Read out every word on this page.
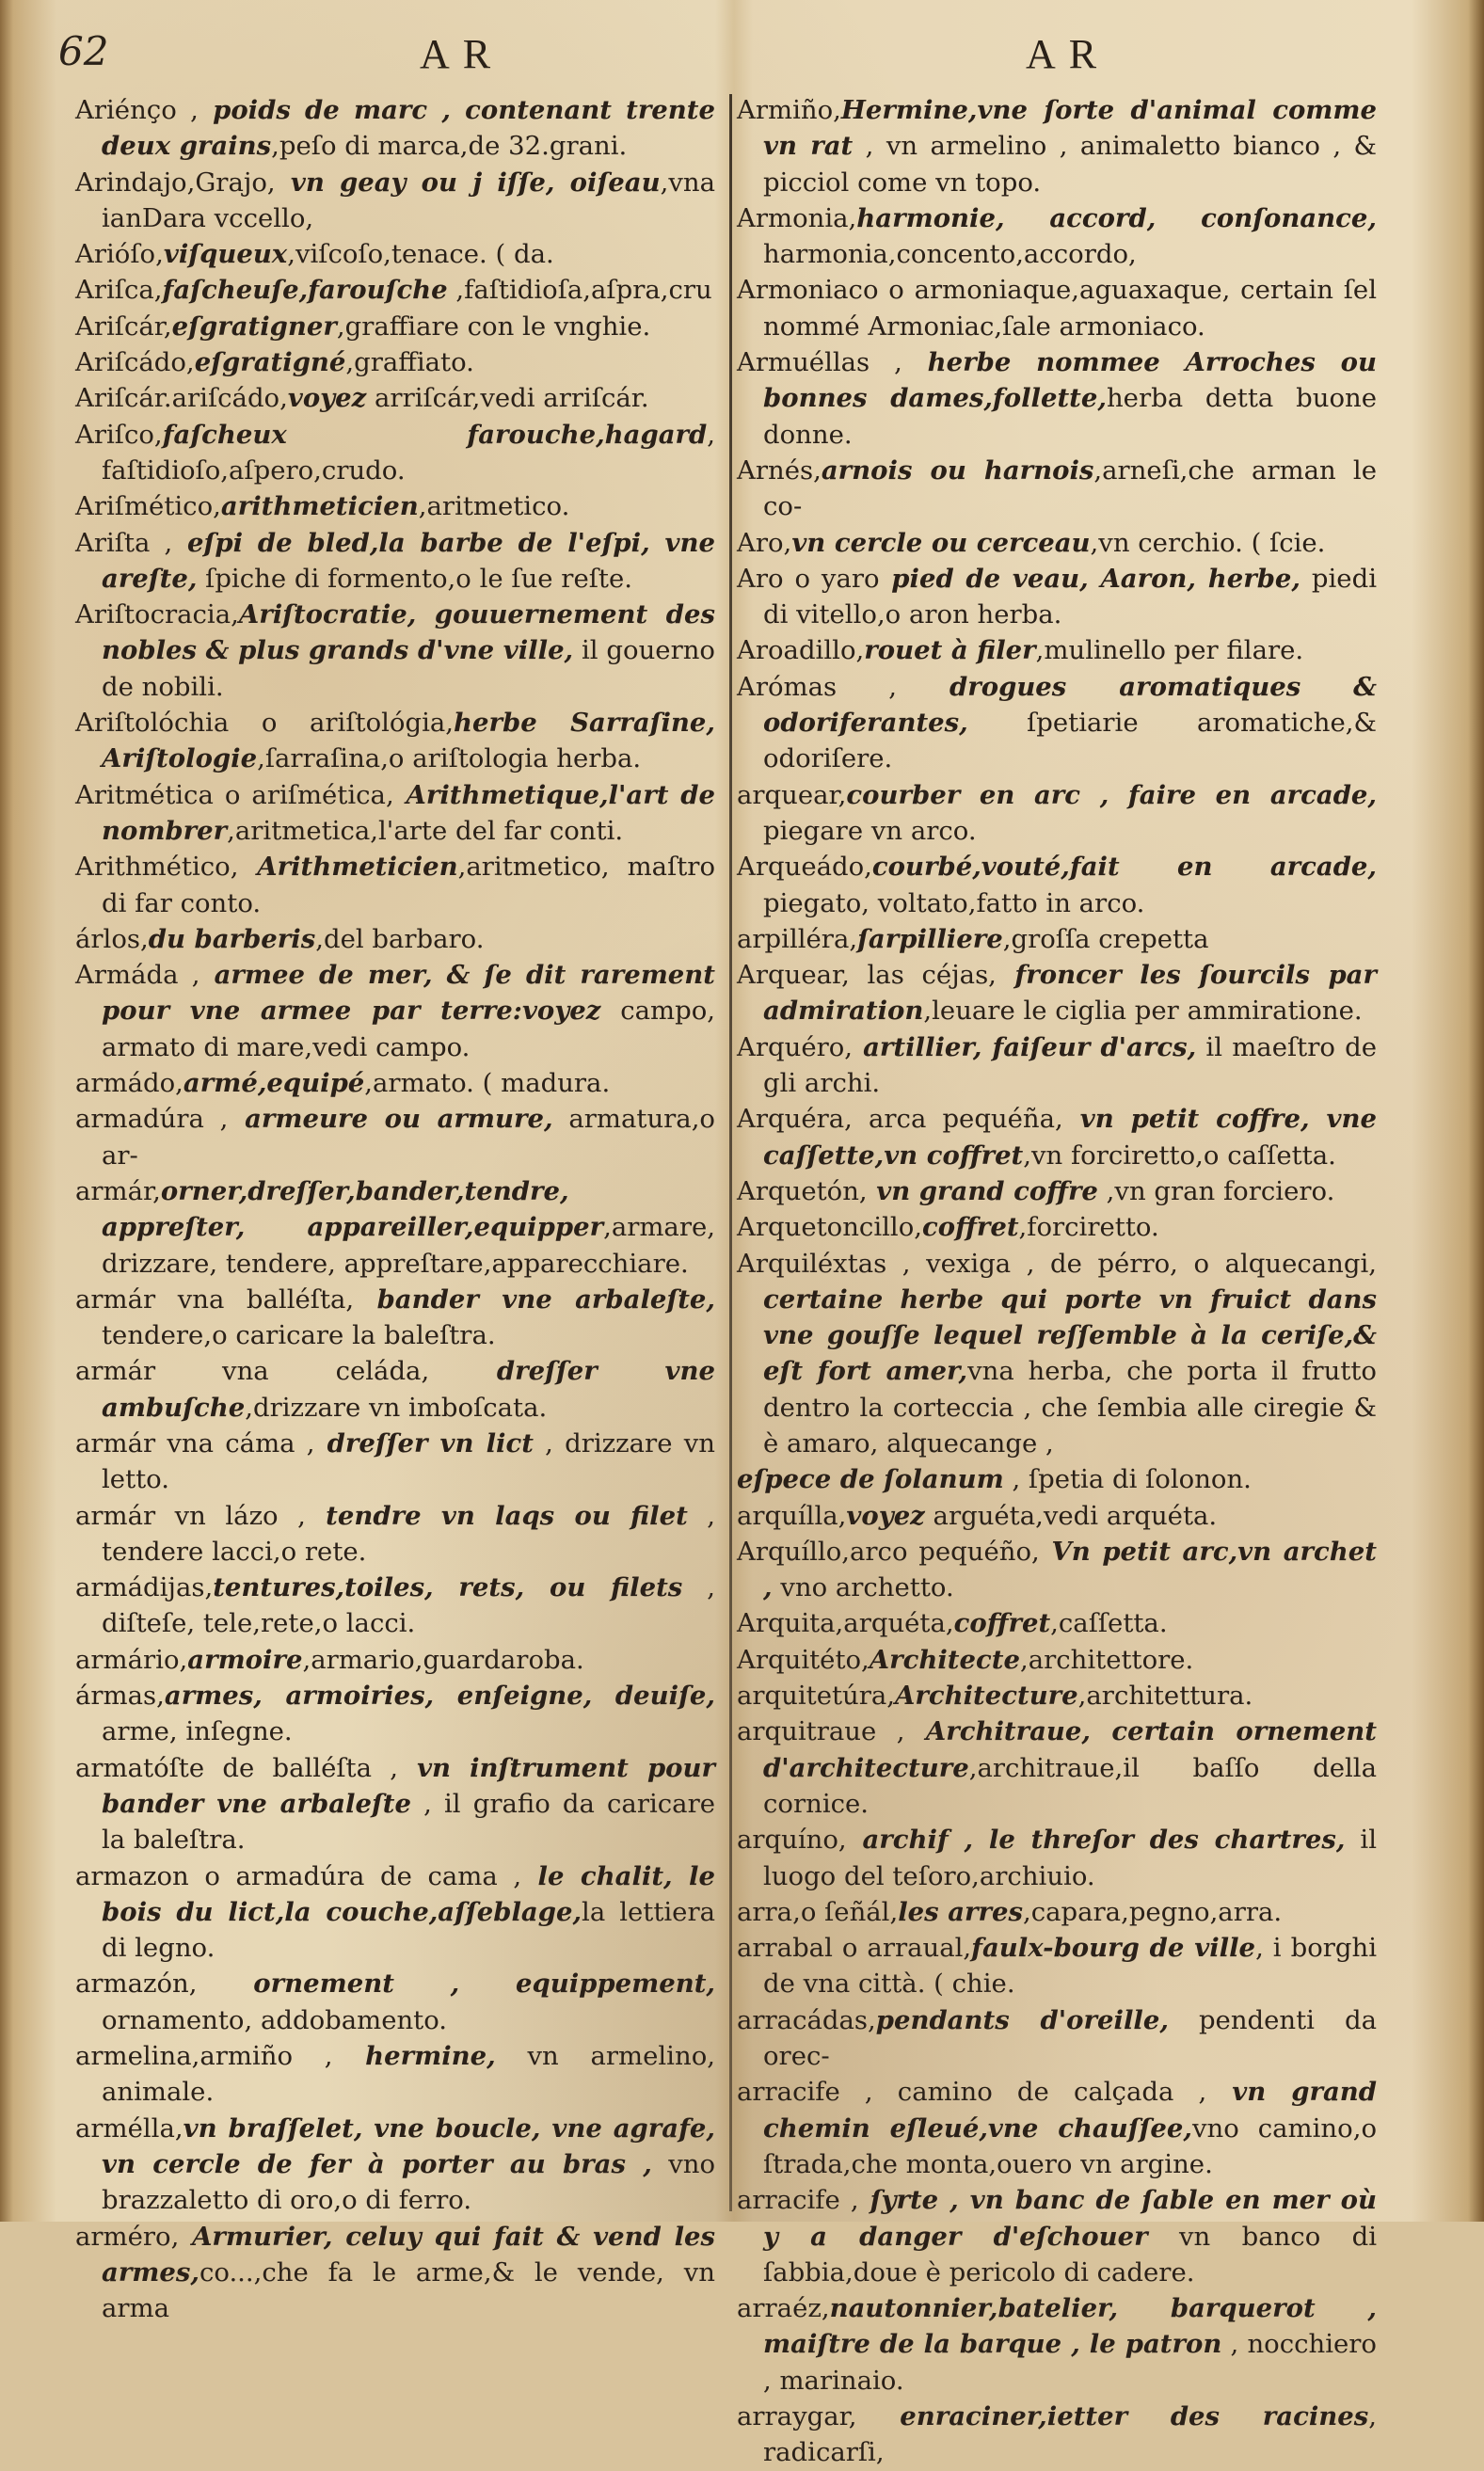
62	AR	AR

Ariénço , poids de marc , contenant trente deux grains,peſo di marca,de 32.grani.

Arindajo,Grajo, vn geay ou j iſſe, oiſeau,vna ianDara vccello,

Arióſo,viſqueux,viſcoſo,tenace. ( da.

Ariſca,faſcheuſe,farouſche ,faſtidioſa,aſpra,cru

Ariſcár,eſgratigner,graffiare con le vnghie.

Ariſcádo,eſgratigné,graffiato.

Ariſcár.ariſcádo,voyez arriſcár,vedi arriſcár.

Ariſco,faſcheux farouche,hagard, faſtidioſo,aſpero,crudo.

Ariſmético,arithmeticien,aritmetico.

Ariſta , eſpi de bled,la barbe de l'eſpi, vne areſte, ſpiche di formento,o le ſue reſte.

Ariſtocracia,Ariſtocratie, gouuernement des nobles & plus grands d'vne ville, il gouerno de nobili.

Ariſtolóchia o ariſtológia,herbe Sarraſine, Ariſtologie,ſarraſina,o ariſtologia herba.

Aritmética o ariſmética, Arithmetique,l'art de nombrer,aritmetica,l'arte del far conti.

Arithmético, Arithmeticien,aritmetico, maſtro di far conto.

árlos,du barberis,del barbaro.

Armáda , armee de mer, & ſe dit rarement pour vne armee par terre:voyez campo, armato di mare,vedi campo.

armádo,armé,equipé,armato. ( madura.

armadúra , armeure ou armure, armatura,o ar-

armár,orner,dreſſer,bander,tendre, appreſter, appareiller,equipper,armare, drizzare, tendere, appreſtare,apparecchiare.

armár vna balléſta, bander vne arbaleſte, tendere,o caricare la baleſtra.

armár vna celáda, dreſſer vne ambuſche,drizzare vn imboſcata.

armár vna cáma , dreſſer vn lict , drizzare vn letto.

armár vn lázo , tendre vn laqs ou filet , tendere lacci,o rete.

armádijas,tentures,toiles, rets, ou filets , diſteſe, tele,rete,o lacci.

armário,armoire,armario,guardaroba.

ármas,armes, armoiries, enſeigne, deuiſe, arme, inſegne.

armatóſte de balléſta , vn inſtrument pour bander vne arbaleſte , il grafio da caricare la baleſtra.

armazon o armadúra de cama , le chalit, le bois du lict,la couche,aſſeblage,la lettiera di legno.

armazón, ornement , equippement, ornamento, addobamento.

armelina,armiño , hermine, vn armelino, animale.

arméllа,vn braſſelet, vne boucle, vne agrafe, vn cercle de fer à porter au bras , vno brazzaletto di oro,o di ferro.

arméro, Armurier, celuy qui fait & vend les armes,co...,che fa le arme,& le vende, vn arma

Armiño,Hermine,vne ſorte d'animal comme vn rat , vn armelino , animaletto bianco , & picciol come vn topo.

Armonia,harmonie, accord, conſonance, harmonia,concento,accordo,

Armoniaco o armoniaque,aguaxaque, certain ſel nommé Armoniac,ſale armoniaco.

Armuéllas , herbe nommee Arroches ou bonnes dames,follette,herba detta buone donne.

Arnés,arnois ou harnois,arneſi,che arman le co-

Aro,vn cercle ou cerceau,vn cerchio. ( ſcie.

Aro o yaro pied de veau, Aaron, herbe, piedi di vitello,o aron herba.

Aroadillo,rouet à filer,mulinello per filare.

Arómas , drogues aromatiques & odoriferantes, ſpetiarie aromatiche,& odoriſere.

arquear,courber en arc , faire en arcade, piegare vn arco.

Arqueádo,courbé,vouté,fait en arcade, piegato, voltato,fatto in arco.

arpilléra,ſarpilliere,groſſa crepetta

Arquear, las céjas, froncer les ſourcils par admiration,leuare le ciglia per ammiratione.

Arquéro, artillier, faiſeur d'arcs, il maeſtro de gli archi.

Arquéra, arca pequéña, vn petit coffre, vne caſſette,vn coffret,vn forciretto,o caſſetta.

Arquetón, vn grand coffre ,vn gran forciero.

Arquetoncillo,coffret,forciretto.

Arquiléxtas , vexiga , de pérro, o alquecangi, certaine herbe qui porte vn fruict dans vne gouſſe lequel reſſemble à la ceriſe,& eſt fort amer,vna herba, che porta il frutto dentro la corteccia , che ſembia alle ciregie & è amaro, alquecange ,

eſpece de ſolanum , ſpetia di ſolonon.

arquílla,voyez arguéta,vedi arquéta.

Arquíllo,arco pequéño, Vn petit arc,vn archet , vno archetto.

Arquita,arquéta,coffret,caſſetta.

Arquitéto,Architecte,architettore.

arquitetúra,Architecture,architettura.

arquitraue , Architraue, certain ornement d'architecture,architraue,il baſſo della cornice.

arquíno, archif , le threſor des chartres, il luogo del teſoro,archiuio.

arra,o ſeñál,les arres,capara,pegno,arra.

arrabal o arraual,faulx-bourg de ville, i borghi de vna città. ( chie.

arracádas,pendants d'oreille, pendenti da orec-

arracife , camino de calçada , vn grand chemin eſleué,vne chauſſee,vno camino,o ſtrada,che monta,ouero vn argine.

arracife , ſyrte , vn banc de ſable en mer où y a danger d'eſchouer vn banco di ſabbia,doue è pericolo di cadere.

arraéz,nautonnier,batelier, barquerot , maiſtre de la barque , le patron , nocchiero , marinaio.

arraygar, enraciner,ietter des racines, radicarſi,
